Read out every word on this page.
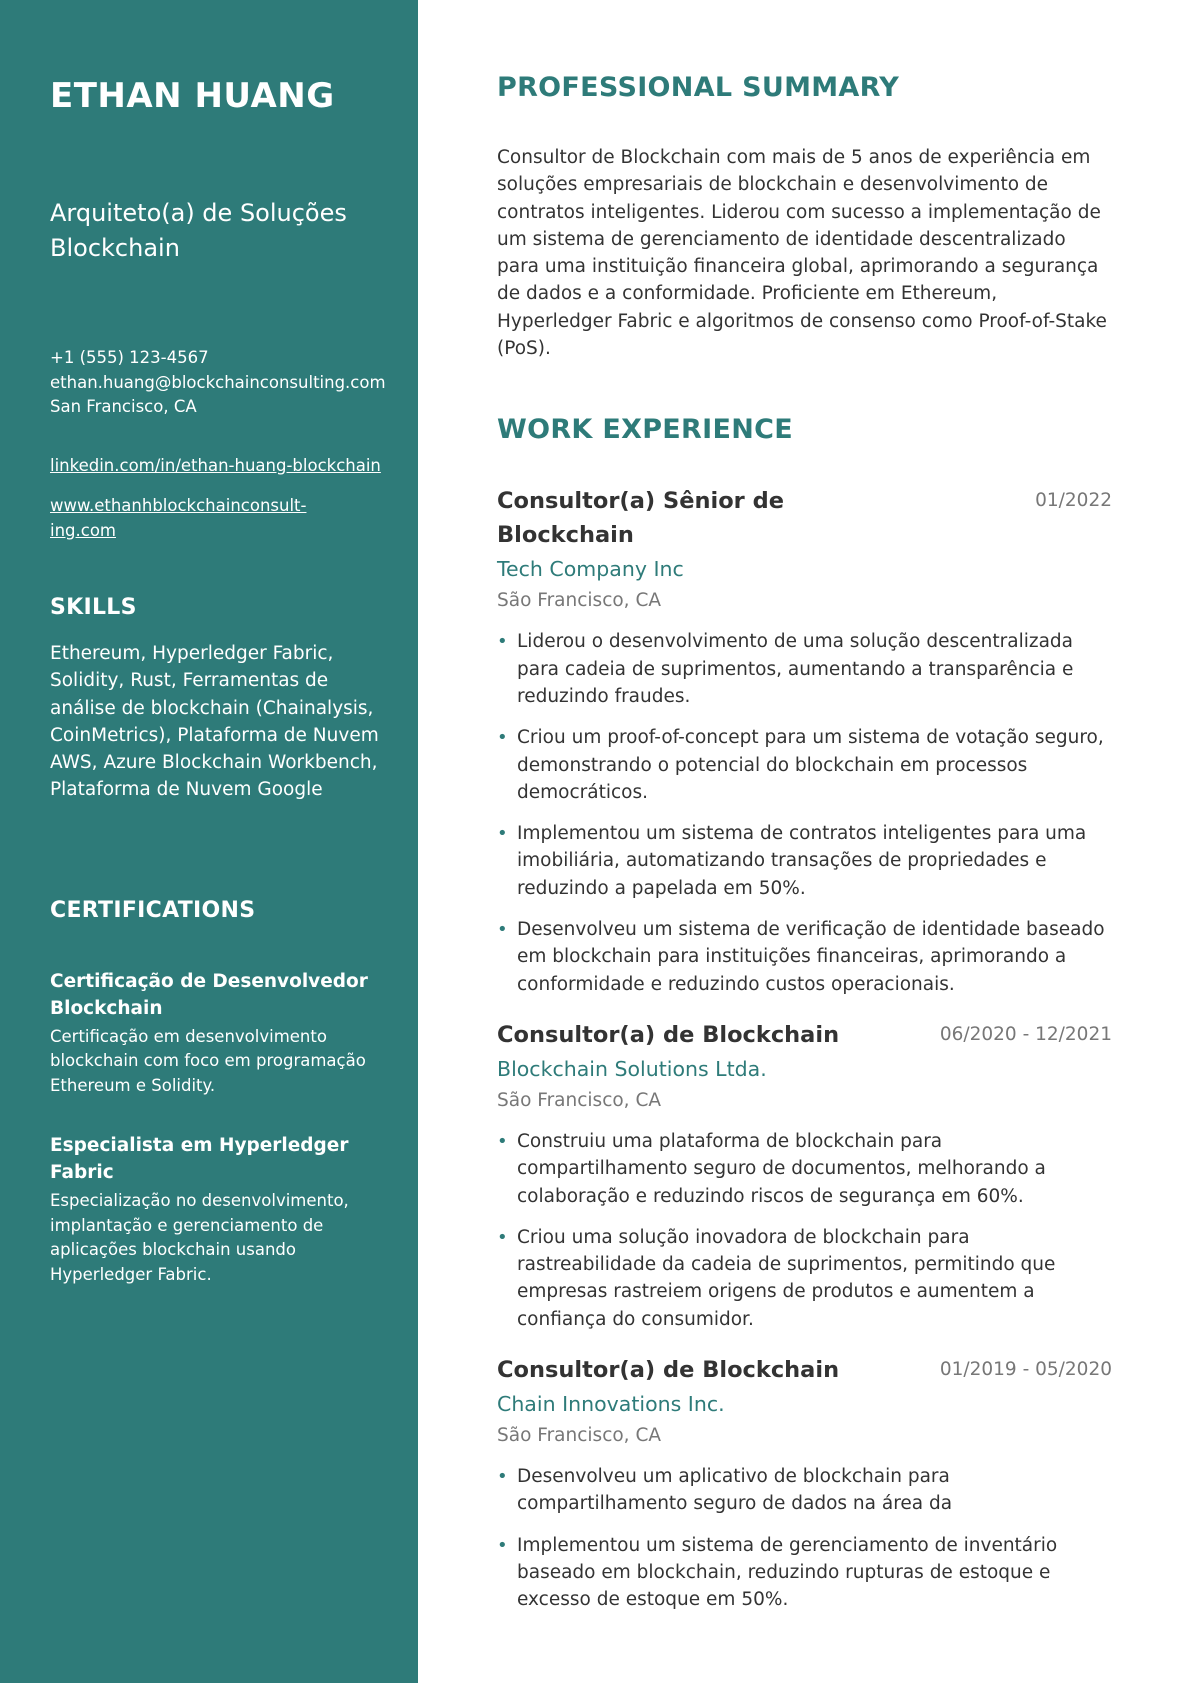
ETHAN HUANG
Arquiteto(a) de Soluções Blockchain
+1 (555) 123-4567
ethan.huang@blockchainconsulting.com
San Francisco, CA
linkedin.com/in/ethan-huang-blockchain
www.ethanhblockchainconsult-
ing.com
SKILLS

Ethereum, Hyperledger Fabric, Solidity, Rust, Ferramentas de análise de blockchain (Chainalysis, CoinMetrics), Plataforma de Nuvem AWS, Azure Blockchain Workbench, Plataforma de Nuvem Google

CERTIFICATIONS
Certificação de Desenvolvedor Blockchain
Certificação em desenvolvimento blockchain com foco em programação Ethereum e Solidity.
Especialista em Hyperledger Fabric
Especialização no desenvolvimento, implantação e gerenciamento de aplicações blockchain usando Hyperledger Fabric.
PROFESSIONAL SUMMARY

Consultor de Blockchain com mais de 5 anos de experiência em soluções empresariais de blockchain e desenvolvimento de contratos inteligentes. Liderou com sucesso a implementação de um sistema de gerenciamento de identidade descentralizado para uma instituição financeira global, aprimorando a segurança de dados e a conformidade. Proficiente em Ethereum, Hyperledger Fabric e algoritmos de consenso como Proof-of-Stake (PoS).

WORK EXPERIENCE
Consultor(a) Sênior de Blockchain
01/2022
Tech Company Inc
São Francisco, CA
• Liderou o desenvolvimento de uma solução descentralizada para cadeia de suprimentos, aumentando a transparência e reduzindo fraudes.
• Criou um proof-of-concept para um sistema de votação seguro, demonstrando o potencial do blockchain em processos democráticos.
• Implementou um sistema de contratos inteligentes para uma imobiliária, automatizando transações de propriedades e reduzindo a papelada em 50%.
• Desenvolveu um sistema de verificação de identidade baseado em blockchain para instituições financeiras, aprimorando a conformidade e reduzindo custos operacionais.
Consultor(a) de Blockchain	06/2020 - 12/2021
Blockchain Solutions Ltda.
São Francisco, CA
• Construiu uma plataforma de blockchain para compartilhamento seguro de documentos, melhorando a colaboração e reduzindo riscos de segurança em 60%.
• Criou uma solução inovadora de blockchain para rastreabilidade da cadeia de suprimentos, permitindo que empresas rastreiem origens de produtos e aumentem a confiança do consumidor.
Consultor(a) de Blockchain	01/2019 - 05/2020
Chain Innovations Inc.
São Francisco, CA
• Desenvolveu um aplicativo de blockchain para compartilhamento seguro de dados na área da
• Implementou um sistema de gerenciamento de inventário baseado em blockchain, reduzindo rupturas de estoque e excesso de estoque em 50%.
